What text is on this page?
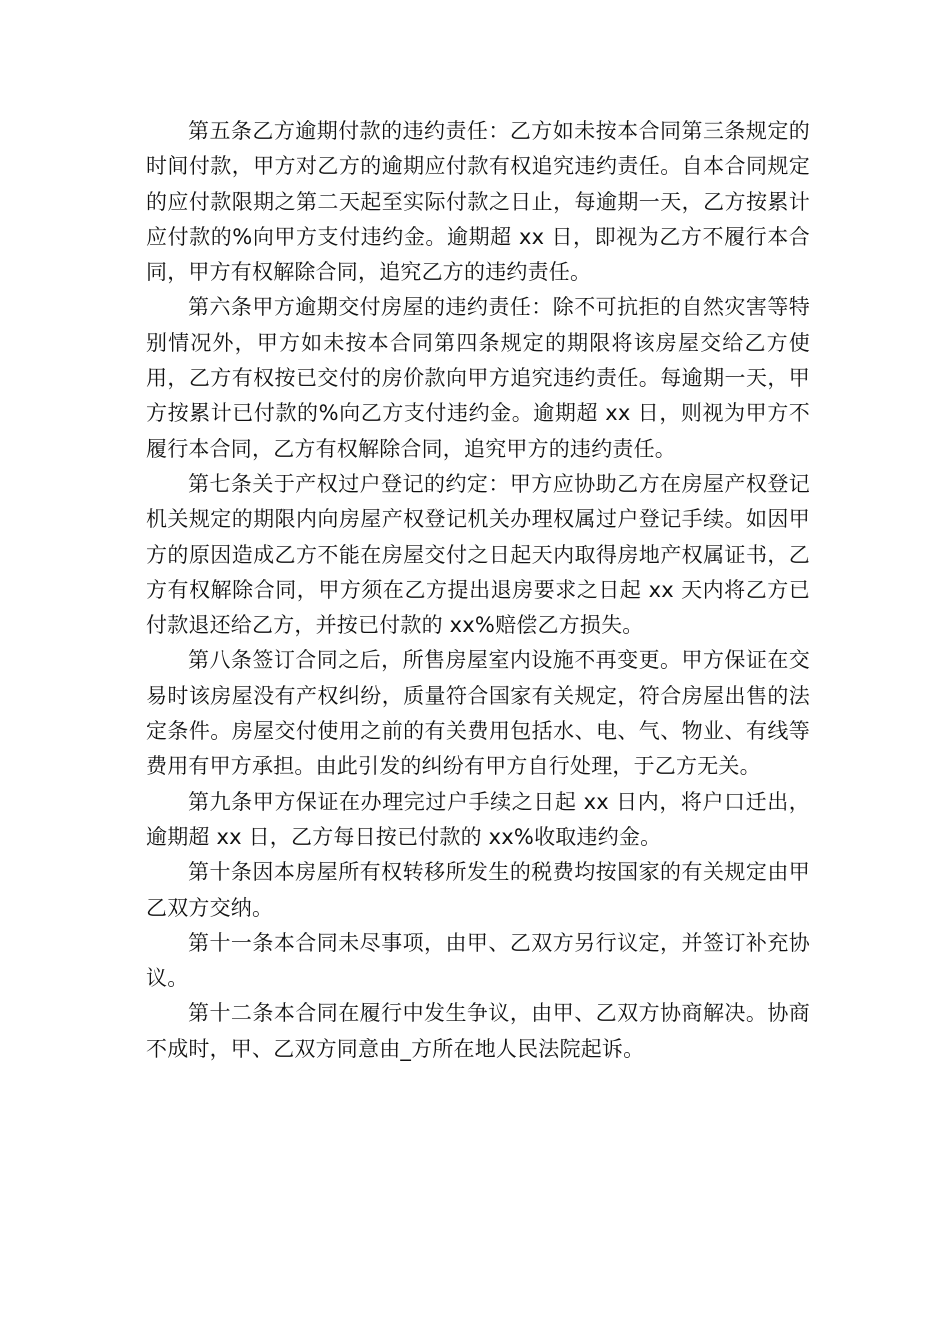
第五条乙方逾期付款的违约责任：乙方如未按本合同第三条规定的时间付款，甲方对乙方的逾期应付款有权追究违约责任。自本合同规定的应付款限期之第二天起至实际付款之日止，每逾期一天，乙方按累计应付款的%向甲方支付违约金。逾期超 xx 日，即视为乙方不履行本合同，甲方有权解除合同，追究乙方的违约责任。

第六条甲方逾期交付房屋的违约责任：除不可抗拒的自然灾害等特别情况外，甲方如未按本合同第四条规定的期限将该房屋交给乙方使用，乙方有权按已交付的房价款向甲方追究违约责任。每逾期一天，甲方按累计已付款的%向乙方支付违约金。逾期超 xx 日，则视为甲方不履行本合同，乙方有权解除合同，追究甲方的违约责任。

第七条关于产权过户登记的约定：甲方应协助乙方在房屋产权登记机关规定的期限内向房屋产权登记机关办理权属过户登记手续。如因甲方的原因造成乙方不能在房屋交付之日起天内取得房地产权属证书，乙方有权解除合同，甲方须在乙方提出退房要求之日起 xx 天内将乙方已付款退还给乙方，并按已付款的 xx%赔偿乙方损失。

第八条签订合同之后，所售房屋室内设施不再变更。甲方保证在交易时该房屋没有产权纠纷，质量符合国家有关规定，符合房屋出售的法定条件。房屋交付使用之前的有关费用包括水、电、气、物业、有线等费用有甲方承担。由此引发的纠纷有甲方自行处理，于乙方无关。

第九条甲方保证在办理完过户手续之日起 xx 日内，将户口迁出，逾期超 xx 日，乙方每日按已付款的 xx%收取违约金。

第十条因本房屋所有权转移所发生的税费均按国家的有关规定由甲乙双方交纳。

第十一条本合同未尽事项，由甲、乙双方另行议定，并签订补充协议。

第十二条本合同在履行中发生争议，由甲、乙双方协商解决。协商不成时，甲、乙双方同意由_方所在地人民法院起诉。
